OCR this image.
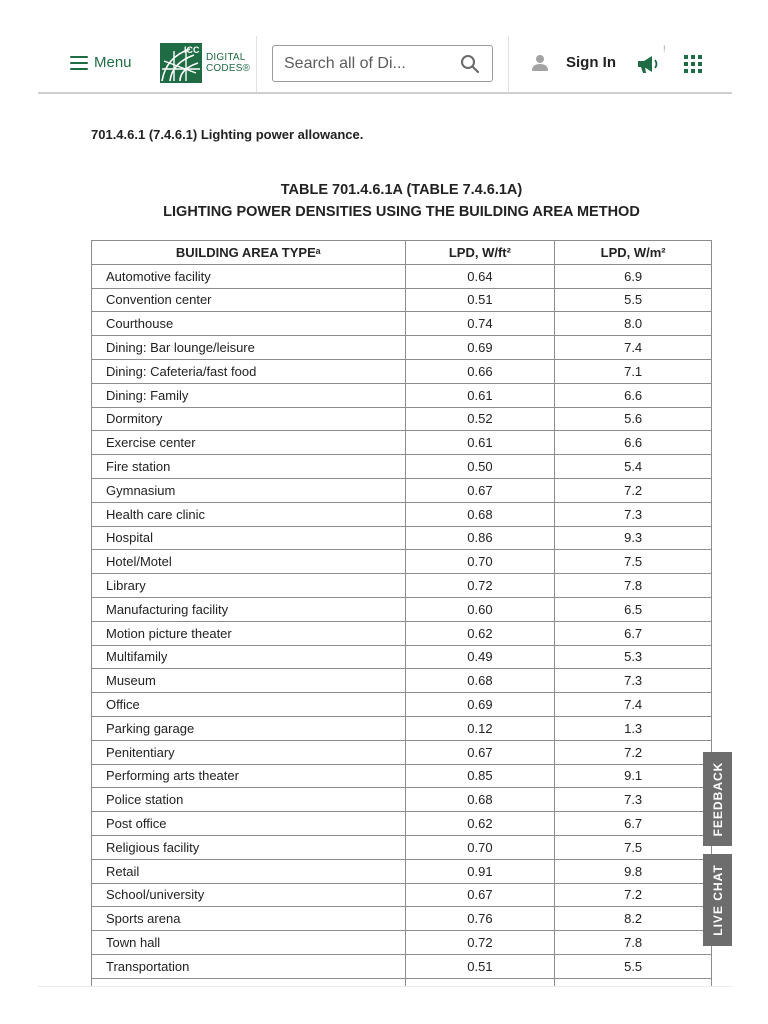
Menu
ICC
DIGITAL
CODES®
Search all of Di...	Sign In
!
701.4.6.1 (7.4.6.1) Lighting power allowance.
TABLE 701.4.6.1A (TABLE 7.4.6.1A)
LIGHTING POWER DENSITIES USING THE BUILDING AREA METHOD
BUILDING AREA TYPEᵃ	LPD, W/ft²	LPD, W/m²
Automotive facility	0.64	6.9
Convention center	0.51	5.5
Courthouse	0.74	8.0
Dining: Bar lounge/leisure	0.69	7.4
Dining: Cafeteria/fast food	0.66	7.1
Dining: Family	0.61	6.6
Dormitory	0.52	5.6
Exercise center	0.61	6.6
Fire station	0.50	5.4
Gymnasium	0.67	7.2
Health care clinic	0.68	7.3
Hospital	0.86	9.3
Hotel/Motel	0.70	7.5
Library	0.72	7.8
Manufacturing facility	0.60	6.5
Motion picture theater	0.62	6.7
Multifamily	0.49	5.3
Museum	0.68	7.3
Office	0.69	7.4
Parking garage	0.12	1.3
Penitentiary	0.67	7.2
Performing arts theater	0.85	9.1
Police station	0.68	7.3
Post office	0.62	6.7
Religious facility	0.70	7.5
Retail	0.91	9.8
School/university	0.67	7.2
Sports arena	0.76	8.2
Town hall	0.72	7.8
Transportation	0.51	5.5

FEEDBACK
LIVE CHAT
